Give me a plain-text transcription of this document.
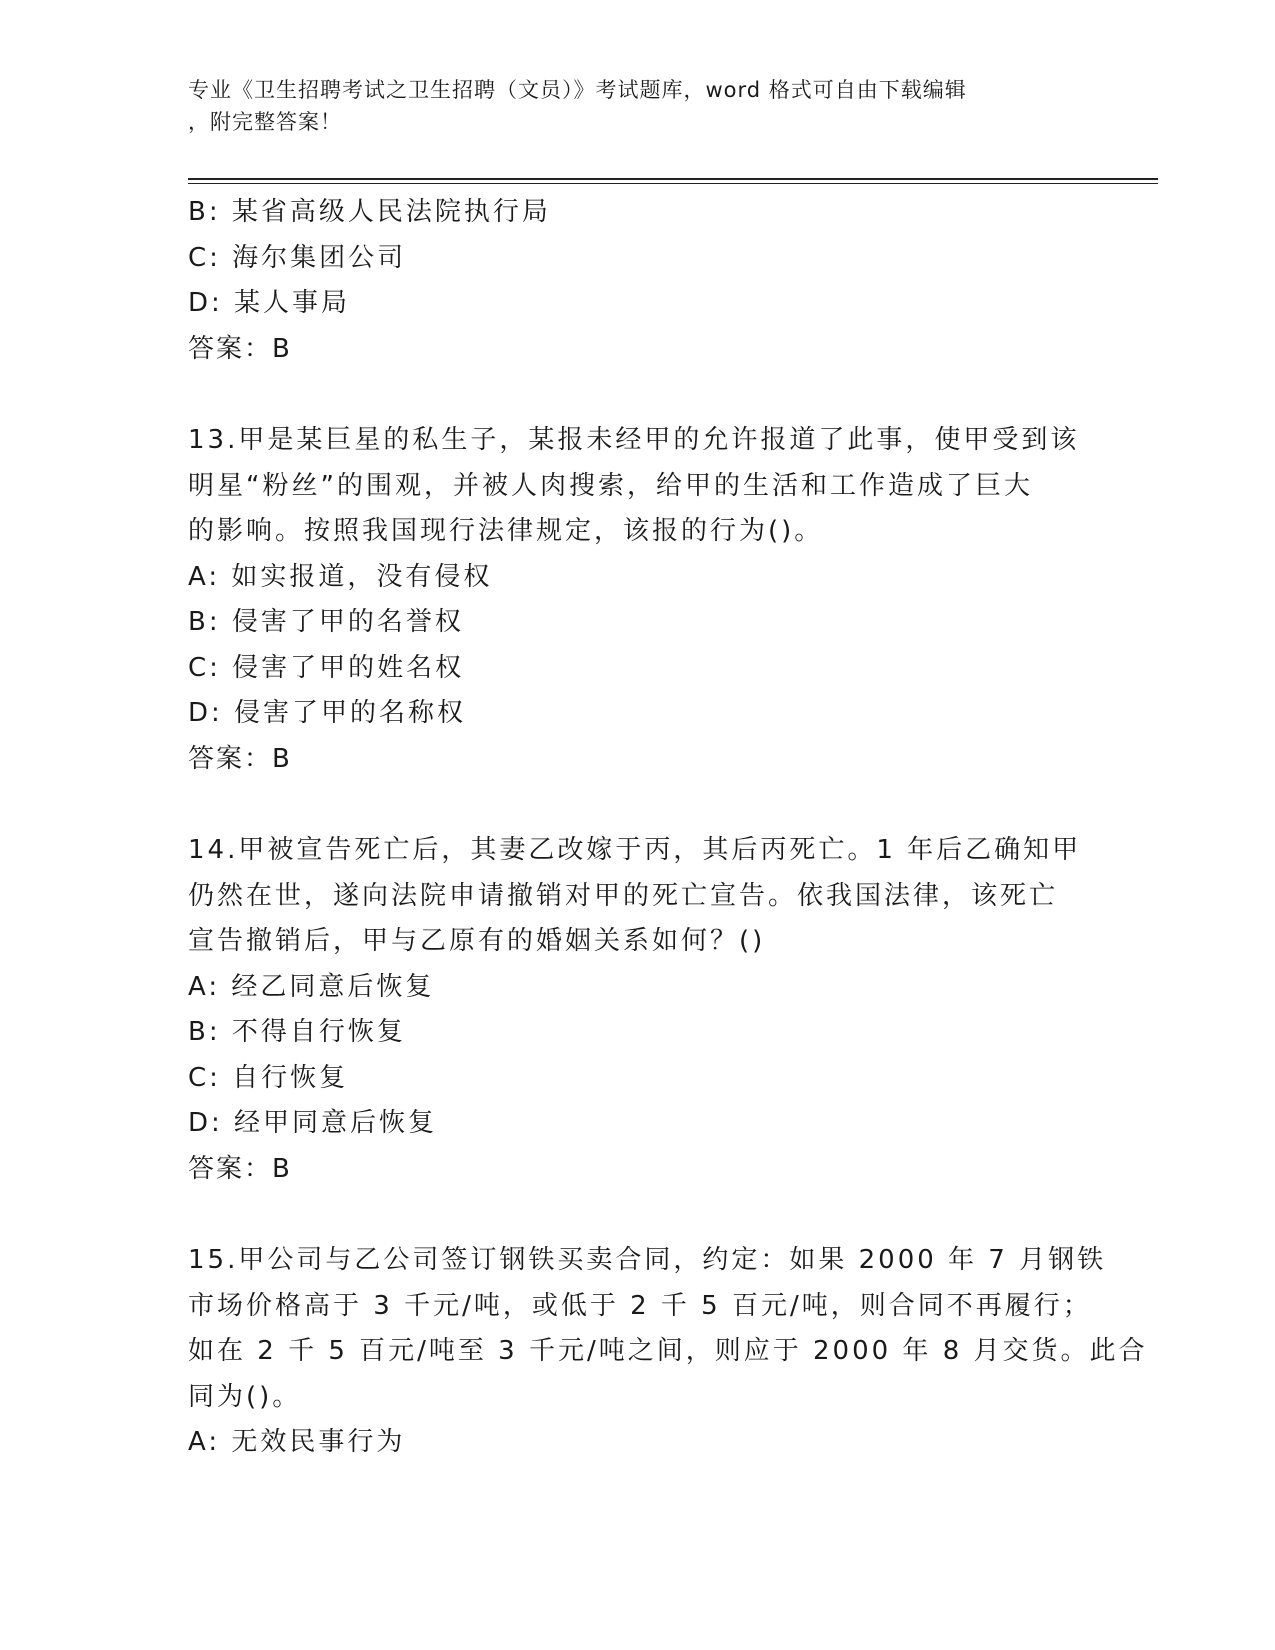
专业《卫生招聘考试之卫生招聘（文员）》考试题库，word 格式可自由下载编辑
，附完整答案！
B: 某省高级人民法院执行局
C: 海尔集团公司
D: 某人事局
答案：B
13.甲是某巨星的私生子，某报未经甲的允许报道了此事，使甲受到该
明星“粉丝”的围观，并被人肉搜索，给甲的生活和工作造成了巨大
的影响。按照我国现行法律规定，该报的行为()。
A: 如实报道，没有侵权
B: 侵害了甲的名誉权
C: 侵害了甲的姓名权
D: 侵害了甲的名称权
答案：B
14.甲被宣告死亡后，其妻乙改嫁于丙，其后丙死亡。1 年后乙确知甲
仍然在世，遂向法院申请撤销对甲的死亡宣告。依我国法律，该死亡
宣告撤销后，甲与乙原有的婚姻关系如何？()
A: 经乙同意后恢复
B: 不得自行恢复
C: 自行恢复
D: 经甲同意后恢复
答案：B
15.甲公司与乙公司签订钢铁买卖合同，约定：如果 2000 年 7 月钢铁
市场价格高于 3 千元/吨，或低于 2 千 5 百元/吨，则合同不再履行；
如在 2 千 5 百元/吨至 3 千元/吨之间，则应于 2000 年 8 月交货。此合
同为()。
A: 无效民事行为
